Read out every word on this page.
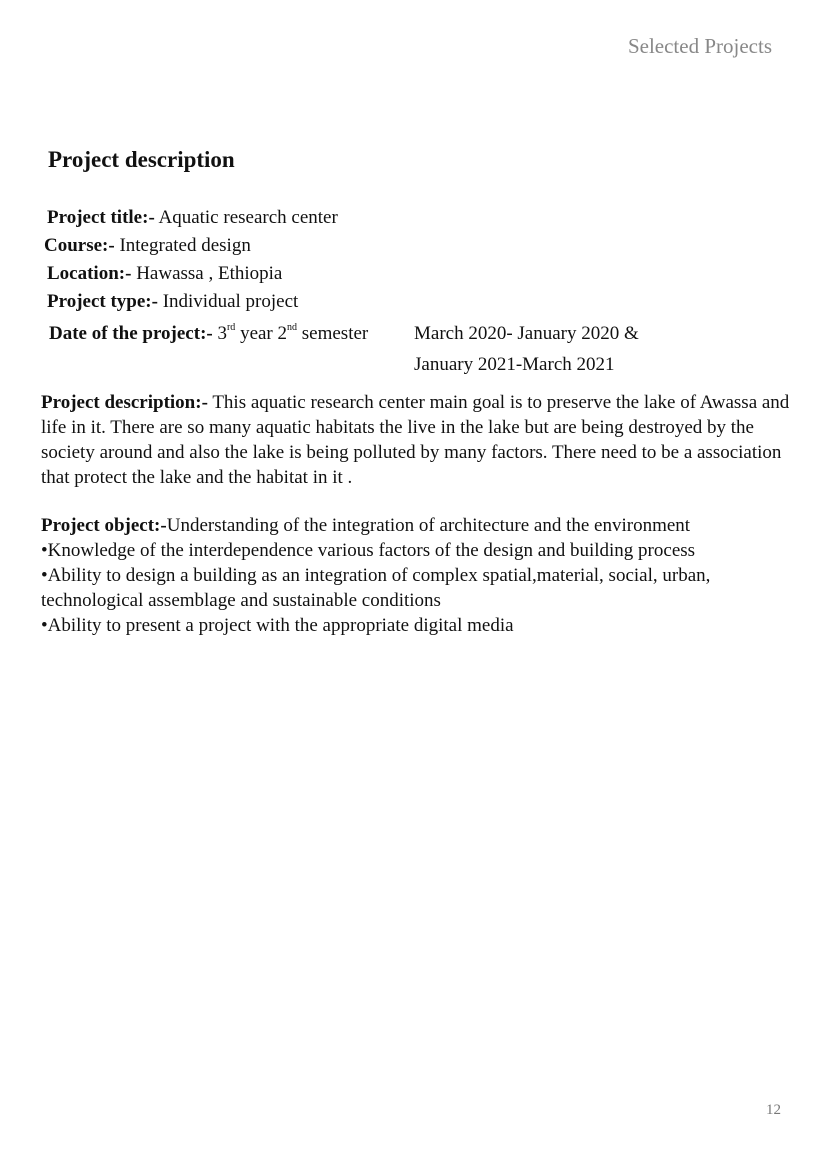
Selected Projects
Project description
Project title:- Aquatic research center
Course:- Integrated design
Location:- Hawassa , Ethiopia
Project type:- Individual project
Date of the project:- 3rd year 2nd semester March 2020- January 2020 &
January 2021-March 2021

Project description:- This aquatic research center main goal is to preserve the lake of Awassa and life in it. There are so many aquatic habitats the live in the lake but are being destroyed by the society around and also the lake is being polluted by many factors. There need to be a association that protect the lake and the habitat in it .

Project object:-Understanding of the integration of architecture and the environment
•Knowledge of the interdependence various factors of the design and building process
•Ability to design a building as an integration of complex spatial,material, social, urban, technological assemblage and sustainable conditions
•Ability to present a project with the appropriate digital media
12
